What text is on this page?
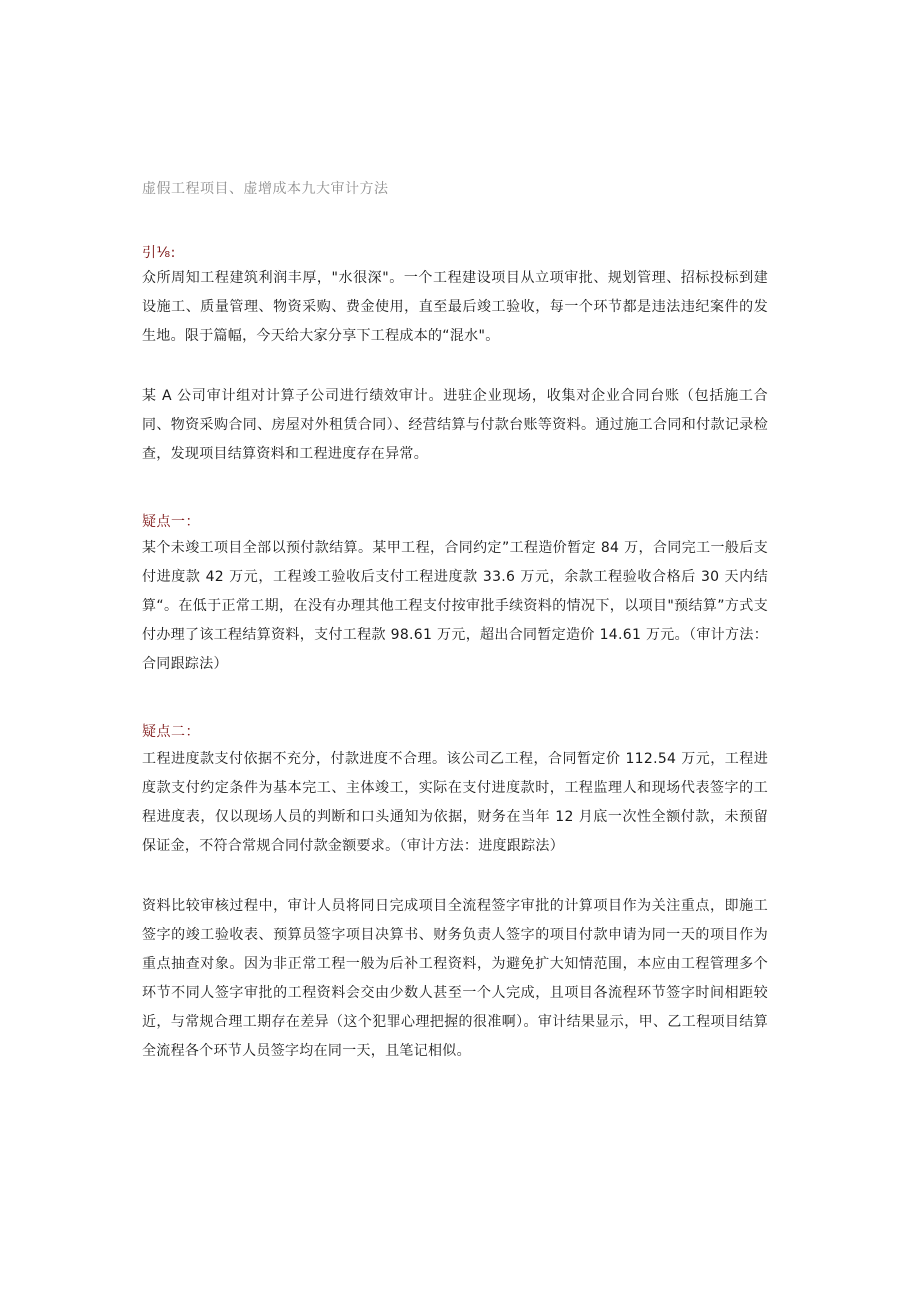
虚假工程项目、虚增成本九大审计方法
引⅛:

众所周知工程建筑利润丰厚，"水很深"。一个工程建设项目从立项审批、规划管理、招标投标到建设施工、质量管理、物资采购、费金使用，直至最后竣工验收，每一个环节都是违法违纪案件的发生地。限于篇幅，今天给大家分享下工程成本的“混水"。

某 A 公司审计组对计算子公司进行绩效审计。进驻企业现场，收集对企业合同台账（包括施工合同、物资采购合同、房屋对外租赁合同）、经营结算与付款台账等资料。通过施工合同和付款记录检查，发现项目结算资料和工程进度存在异常。

疑点一：

某个未竣工项目全部以预付款结算。某甲工程，合同约定”工程造价暂定 84 万，合同完工一般后支付进度款 42 万元，工程竣工验收后支付工程进度款 33.6 万元，余款工程验收合格后 30 天内结算“。在低于正常工期，在没有办理其他工程支付按审批手续资料的情况下，以项目"预结算”方式支付办理了该工程结算资料，支付工程款 98.61 万元，超出合同暂定造价 14.61 万元。（审计方法：合同跟踪法）

疑点二：

工程进度款支付依据不充分，付款进度不合理。该公司乙工程，合同暂定价 112.54 万元，工程进度款支付约定条件为基本完工、主体竣工，实际在支付进度款时，工程监理人和现场代表签字的工程进度表，仅以现场人员的判断和口头通知为依据，财务在当年 12 月底一次性全额付款，未预留保证金，不符合常规合同付款金额要求。（审计方法：进度跟踪法）

资料比较审核过程中，审计人员将同日完成项目全流程签字审批的计算项目作为关注重点，即施工签字的竣工验收表、预算员签字项目决算书、财务负责人签字的项目付款申请为同一天的项目作为重点抽查对象。因为非正常工程一般为后补工程资料，为避免扩大知情范围，本应由工程管理多个环节不同人签字审批的工程资料会交由少数人甚至一个人完成，且项目各流程环节签字时间相距较近，与常规合理工期存在差异（这个犯罪心理把握的很准啊）。审计结果显示，甲、乙工程项目结算全流程各个环节人员签字均在同一天，且笔记相似。
